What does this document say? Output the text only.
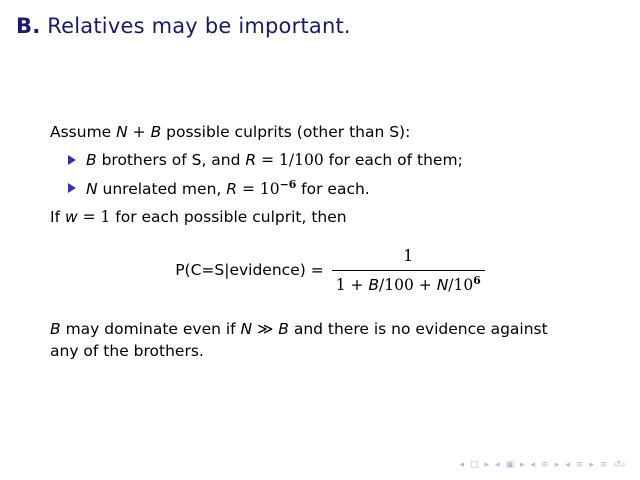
B. Relatives may be important.
Assume N + B possible culprits (other than S):
B brothers of S, and R = 1/100 for each of them;
N unrelated men, $R = 10^{-6}$ for each.
If w = 1 for each possible culprit, then
P(C=S|evidence) = $\frac{1}{1 + B/100 + N/10^6}$
B may dominate even if N ≫ B and there is no evidence against
any of the brothers.
◂ □ ▸ ◂ ▣ ▸ ◂ ≡ ▸ ◂ ≡ ▸ ≡ ↺⌕
